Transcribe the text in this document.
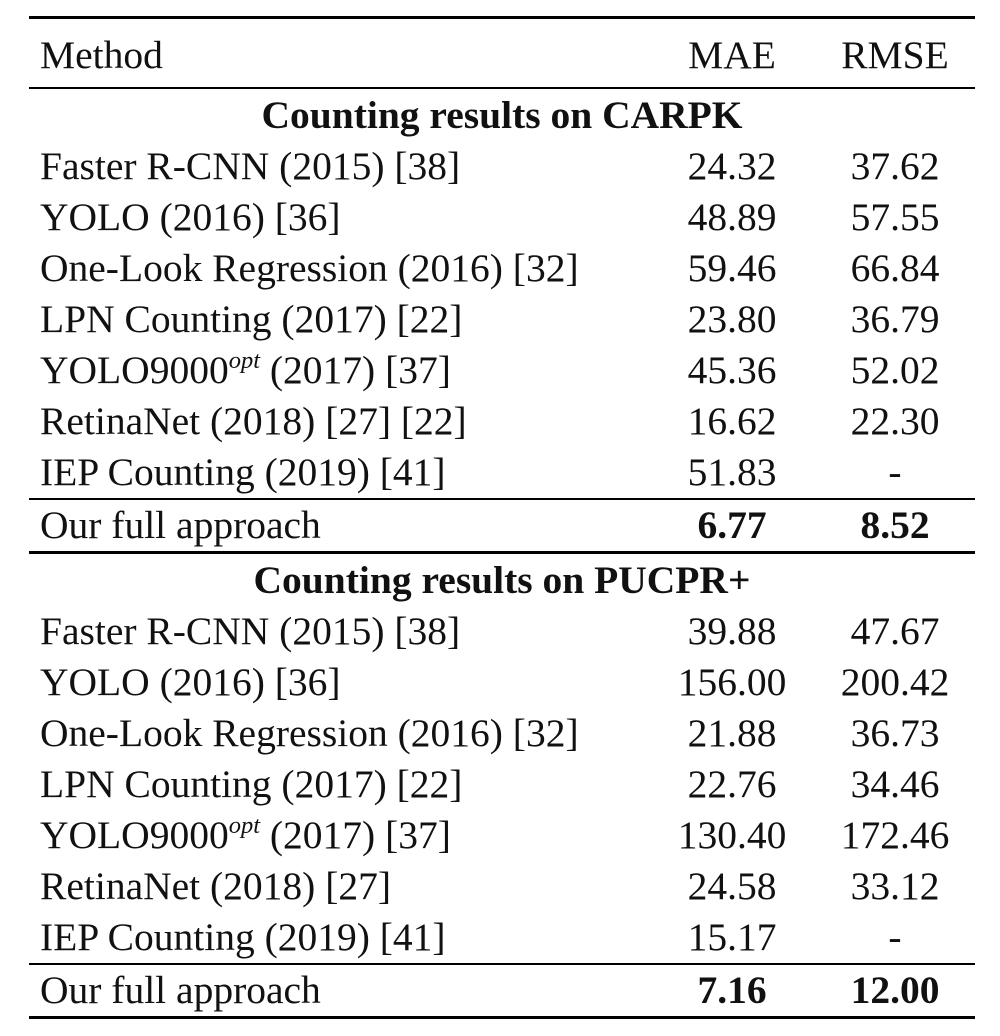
Method	MAE	RMSE
Counting results on CARPK
Faster R-CNN (2015) [38]	24.32	37.62
YOLO (2016) [36]	48.89	57.55
One-Look Regression (2016) [32]	59.46	66.84
LPN Counting (2017) [22]	23.80	36.79
$YOLO9000^{opt}$ (2017) [37]	45.36	52.02
RetinaNet (2018) [27] [22]	16.62	22.30
IEP Counting (2019) [41]	51.83	-
Our full approach	6.77	8.52
Counting results on PUCPR+
Faster R-CNN (2015) [38]	39.88	47.67
YOLO (2016) [36]	156.00	200.42
One-Look Regression (2016) [32]	21.88	36.73
LPN Counting (2017) [22]	22.76	34.46
$YOLO9000^{opt}$ (2017) [37]	130.40	172.46
RetinaNet (2018) [27]	24.58	33.12
IEP Counting (2019) [41]	15.17	-
Our full approach	7.16	12.00
